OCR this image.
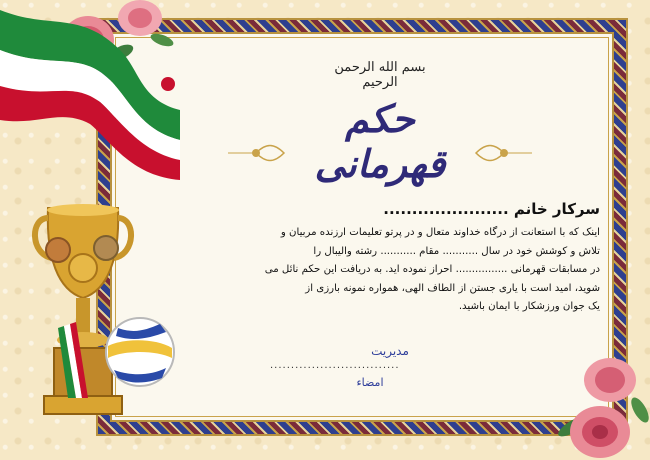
بسم الله الرحمن الرحیم
حکم قهرمانی
سرکار خانم ......................

اینک که با استعانت از درگاه خداوند متعال و در پرتو تعلیمات ارزنده مربیان و

تلاش و کوشش خود در سال ........... مقام ........... رشته والیبال را

در مسابقات قهرمانی ................ احراز نموده اید. به دریافت این حکم نائل می

شوید، امید است با یاری جستن از الطاف الهی، همواره نمونه بارزی از

یک جوان ورزشکار با ایمان باشید.

مدیریت
...............................
امضاء
